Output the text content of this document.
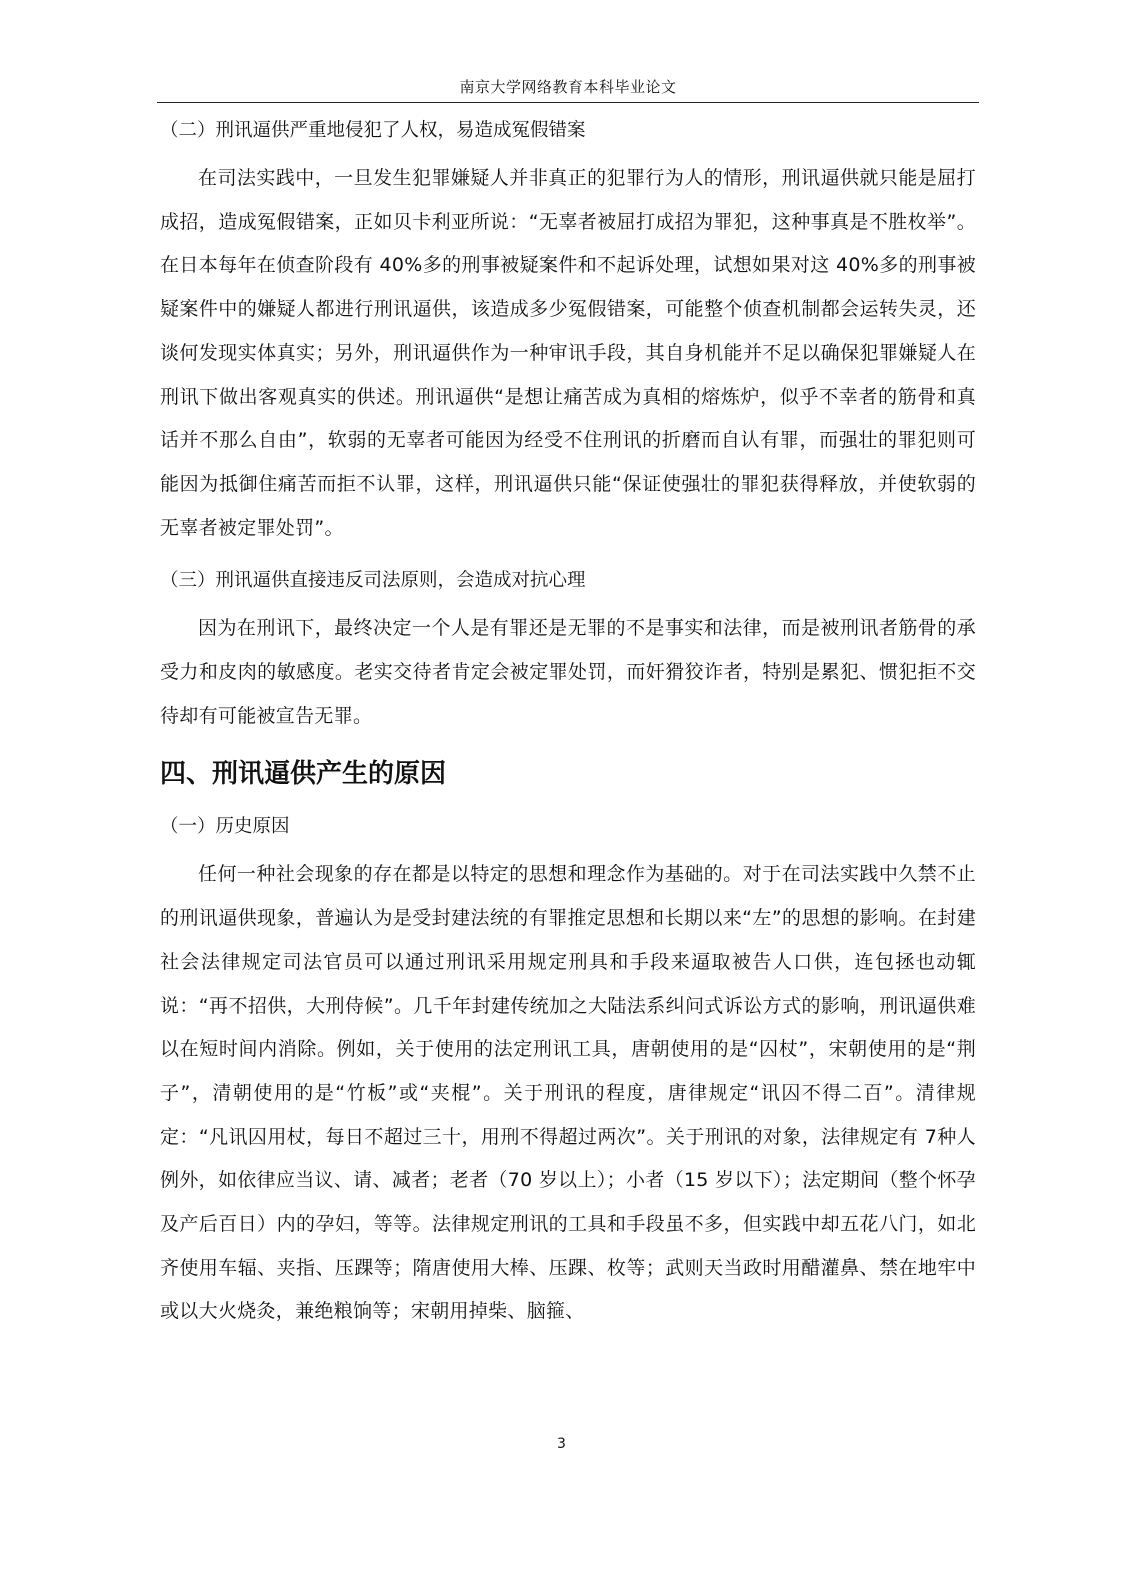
南京大学网络教育本科毕业论文

（二）刑讯逼供严重地侵犯了人权，易造成冤假错案

在司法实践中，一旦发生犯罪嫌疑人并非真正的犯罪行为人的情形，刑讯逼供就只能是屈打成招，造成冤假错案，正如贝卡利亚所说：“无辜者被屈打成招为罪犯，这种事真是不胜枚举”。在日本每年在侦查阶段有 40%多的刑事被疑案件和不起诉处理，试想如果对这 40%多的刑事被疑案件中的嫌疑人都进行刑讯逼供，该造成多少冤假错案，可能整个侦查机制都会运转失灵，还谈何发现实体真实；另外，刑讯逼供作为一种审讯手段，其自身机能并不足以确保犯罪嫌疑人在刑讯下做出客观真实的供述。刑讯逼供“是想让痛苦成为真相的熔炼炉，似乎不幸者的筋骨和真话并不那么自由”，软弱的无辜者可能因为经受不住刑讯的折磨而自认有罪，而强壮的罪犯则可能因为抵御住痛苦而拒不认罪，这样，刑讯逼供只能“保证使强壮的罪犯获得释放，并使软弱的无辜者被定罪处罚”。

（三）刑讯逼供直接违反司法原则，会造成对抗心理

因为在刑讯下，最终决定一个人是有罪还是无罪的不是事实和法律，而是被刑讯者筋骨的承受力和皮肉的敏感度。老实交待者肯定会被定罪处罚，而奸猾狡诈者，特别是累犯、惯犯拒不交待却有可能被宣告无罪。

四、刑讯逼供产生的原因

（一）历史原因

任何一种社会现象的存在都是以特定的思想和理念作为基础的。对于在司法实践中久禁不止的刑讯逼供现象，普遍认为是受封建法统的有罪推定思想和长期以来“左”的思想的影响。在封建社会法律规定司法官员可以通过刑讯采用规定刑具和手段来逼取被告人口供，连包拯也动辄说：“再不招供，大刑侍候”。几千年封建传统加之大陆法系纠问式诉讼方式的影响，刑讯逼供难以在短时间内消除。例如，关于使用的法定刑讯工具，唐朝使用的是“囚杖”，宋朝使用的是“荆子”，清朝使用的是“竹板”或“夹棍”。关于刑讯的程度，唐律规定“讯囚不得二百”。清律规定：“凡讯囚用杖，每日不超过三十，用刑不得超过两次”。关于刑讯的对象，法律规定有 7种人例外，如依律应当议、请、减者；老者（70 岁以上）；小者（15 岁以下）；法定期间（整个怀孕及产后百日）内的孕妇，等等。法律规定刑讯的工具和手段虽不多，但实践中却五花八门，如北齐使用车辐、夹指、压踝等；隋唐使用大棒、压踝、枚等；武则天当政时用醋灌鼻、禁在地牢中或以大火烧灸，兼绝粮饷等；宋朝用掉柴、脑箍、

3
